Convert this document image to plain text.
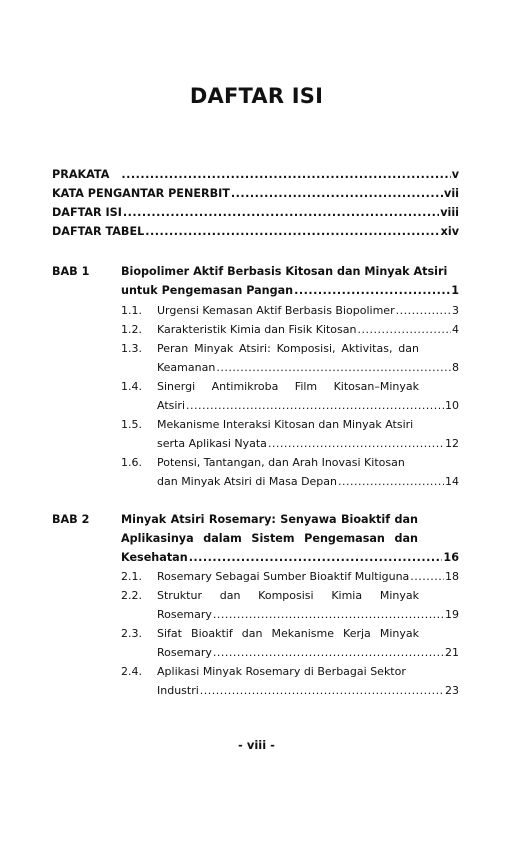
DAFTAR ISI
PRAKATA .....	v
KATA PENGANTAR PENERBIT .....	vii
DAFTAR ISI .....	viii
DAFTAR TABEL .....	xiv
BAB 1	Biopolimer Aktif Berbasis Kitosan dan Minyak Atsiri
untuk Pengemasan Pangan .....	1
1.1. Urgensi Kemasan Aktif Berbasis Biopolimer .....	3
1.2. Karakteristik Kimia dan Fisik Kitosan .....	4
1.3. Peran Minyak Atsiri: Komposisi, Aktivitas, dan
Keamanan .....	8
1.4. Sinergi Antimikroba Film Kitosan–Minyak
Atsiri .....	10
1.5. Mekanisme Interaksi Kitosan dan Minyak Atsiri
serta Aplikasi Nyata .....	12
1.6. Potensi, Tantangan, dan Arah Inovasi Kitosan
dan Minyak Atsiri di Masa Depan .....	14
BAB 2	Minyak Atsiri Rosemary: Senyawa Bioaktif dan
Aplikasinya dalam Sistem Pengemasan dan
Kesehatan .....	16
2.1. Rosemary Sebagai Sumber Bioaktif Multiguna .....	18
2.2. Struktur dan Komposisi Kimia Minyak
Rosemary .....	19
2.3. Sifat Bioaktif dan Mekanisme Kerja Minyak
Rosemary .....	21
2.4. Aplikasi Minyak Rosemary di Berbagai Sektor
Industri .....	23
- viii -
